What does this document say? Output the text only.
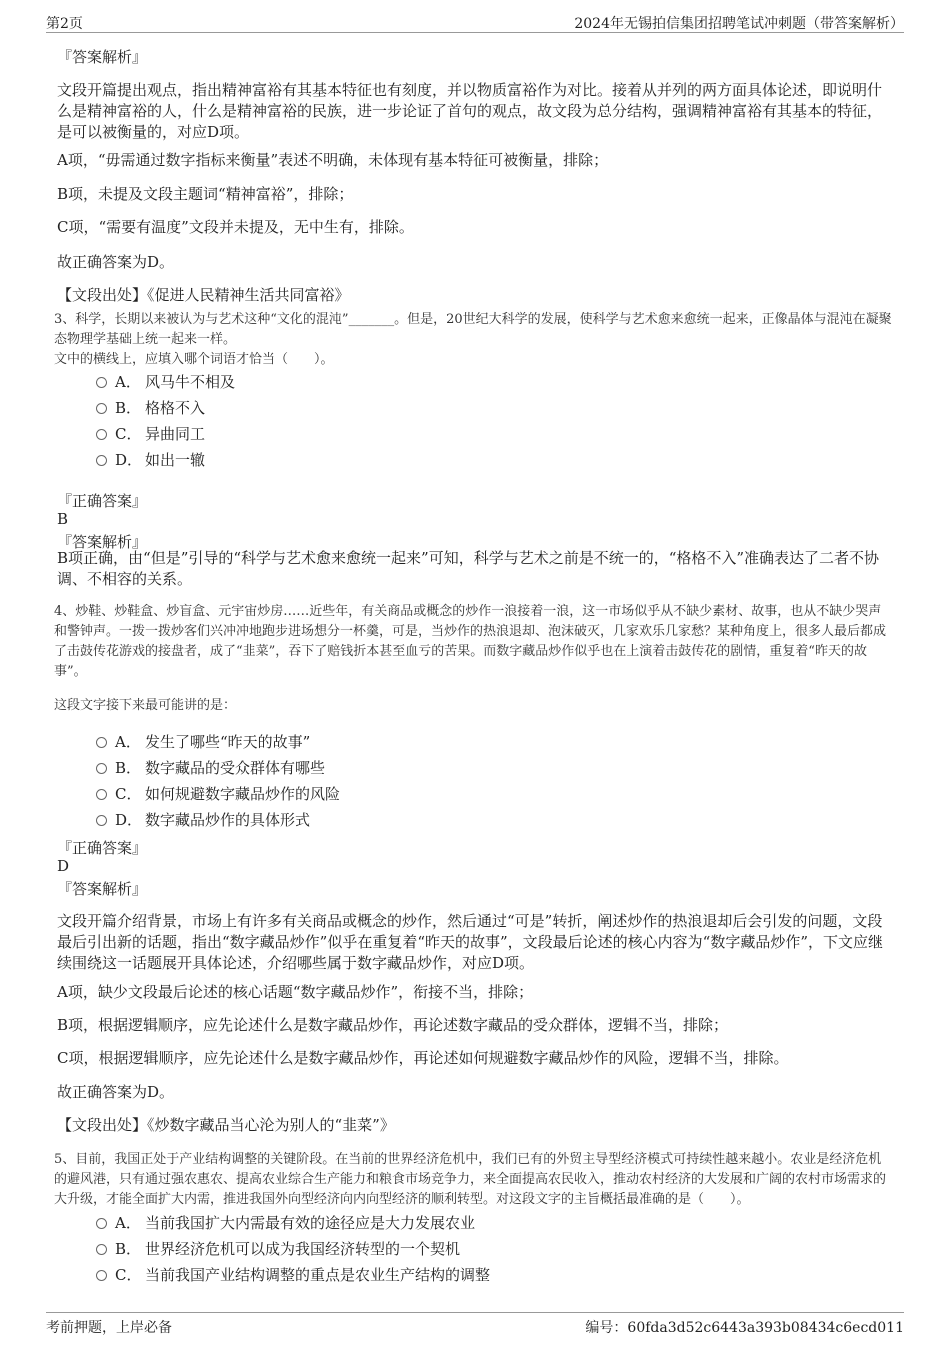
第2页	2024年无锡拍信集团招聘笔试冲刺题（带答案解析）
『答案解析』

文段开篇提出观点，指出精神富裕有其基本特征也有刻度，并以物质富裕作为对比。接着从并列的两方面具体论述，即说明什么是精神富裕的人，什么是精神富裕的民族，进一步论证了首句的观点，故文段为总分结构，强调精神富裕有其基本的特征，是可以被衡量的，对应D项。

A项，“毋需通过数字指标来衡量”表述不明确，未体现有基本特征可被衡量，排除；

B项，未提及文段主题词“精神富裕”，排除；

C项，“需要有温度”文段并未提及，无中生有，排除。

故正确答案为D。

【文段出处】《促进人民精神生活共同富裕》

3、科学，长期以来被认为与艺术这种“文化的混沌”_______。但是，20世纪大科学的发展，使科学与艺术愈来愈统一起来，正像晶体与混沌在凝聚态物理学基础上统一起来一样。

文中的横线上，应填入哪个词语才恰当（　　）。

A． 风马牛不相及
B． 格格不入
C． 异曲同工
D． 如出一辙
『正确答案』
B
『答案解析』

B项正确，由“但是”引导的“科学与艺术愈来愈统一起来”可知，科学与艺术之前是不统一的，“格格不入”准确表达了二者不协调、不相容的关系。

4、炒鞋、炒鞋盒、炒盲盒、元宇宙炒房……近些年，有关商品或概念的炒作一浪接着一浪，这一市场似乎从不缺少素材、故事，也从不缺少哭声和警钟声。一拨一拨炒客们兴冲冲地跑步进场想分一杯羹，可是，当炒作的热浪退却、泡沫破灭，几家欢乐几家愁？某种角度上，很多人最后都成了击鼓传花游戏的接盘者，成了“韭菜”，吞下了赔钱折本甚至血亏的苦果。而数字藏品炒作似乎也在上演着击鼓传花的剧情，重复着“昨天的故事”。

这段文字接下来最可能讲的是：

A． 发生了哪些“昨天的故事”
B． 数字藏品的受众群体有哪些
C． 如何规避数字藏品炒作的风险
D． 数字藏品炒作的具体形式
『正确答案』
D
『答案解析』

文段开篇介绍背景，市场上有许多有关商品或概念的炒作，然后通过“可是”转折，阐述炒作的热浪退却后会引发的问题，文段最后引出新的话题，指出“数字藏品炒作”似乎在重复着“昨天的故事”，文段最后论述的核心内容为“数字藏品炒作”，下文应继续围绕这一话题展开具体论述，介绍哪些属于数字藏品炒作，对应D项。

A项，缺少文段最后论述的核心话题“数字藏品炒作”，衔接不当，排除；

B项，根据逻辑顺序，应先论述什么是数字藏品炒作，再论述数字藏品的受众群体，逻辑不当，排除；

C项，根据逻辑顺序，应先论述什么是数字藏品炒作，再论述如何规避数字藏品炒作的风险，逻辑不当，排除。

故正确答案为D。

【文段出处】《炒数字藏品当心沦为别人的“韭菜”》

5、目前，我国正处于产业结构调整的关键阶段。在当前的世界经济危机中，我们已有的外贸主导型经济模式可持续性越来越小。农业是经济危机的避风港，只有通过强农惠农、提高农业综合生产能力和粮食市场竞争力，来全面提高农民收入，推动农村经济的大发展和广阔的农村市场需求的大升级，才能全面扩大内需，推进我国外向型经济向内向型经济的顺利转型。对这段文字的主旨概括最准确的是（　　）。

A． 当前我国扩大内需最有效的途径应是大力发展农业
B． 世界经济危机可以成为我国经济转型的一个契机
C． 当前我国产业结构调整的重点是农业生产结构的调整
考前押题，上岸必备	编号：60fda3d52c6443a393b08434c6ecd011
